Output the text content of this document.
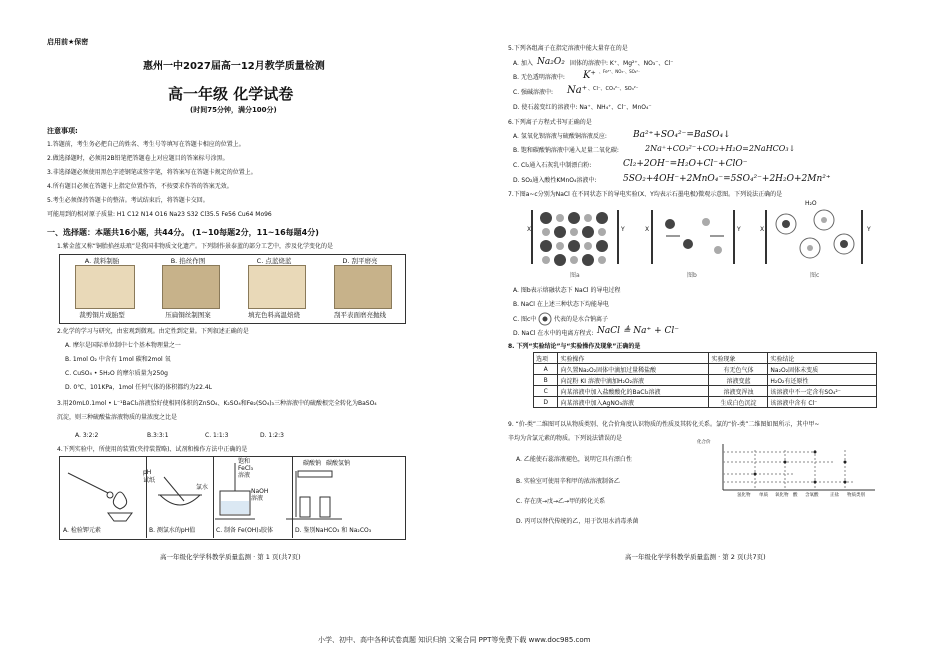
启用前★保密
惠州一中2027届高一12月教学质量检测
高一年级 化学试卷
(时间75分钟，满分100分)
注意事项:
1.答题前，考生务必把自己的姓名、考生号等填写在答题卡相应的位置上。
2.做选择题时，必须用2B铅笔把答题卷上对应题目的答案标号涂黑。
3.非选择题必须使用黑色字迹钢笔或签字笔，将答案写在答题卡规定的位置上。
4.所有题目必须在答题卡上指定位置作答，不按要求作答的答案无效。
5.考生必须保持答题卡的整洁。考试结束后，将答题卡交回。
可能用到的相对原子质量: H1 C12 N14 O16 Na23 S32 Cl35.5 Fe56 Cu64 Mo96
一、选择题：本题共16小题，共44分。 (1~10每题2分，11~16每题4分)
1.紫金蓝又称“铜胎掐丝珐琅”是我国非物质文化遗产。下列制作景泰蓝的部分工艺中，涉及化学变化的是
A. 裁料制胎	B. 掐丝作图	C. 点蓝烧蓝	D. 刮平磨亮
裁剪铜片成胎型	压扁铜丝制图案	填充色料高温焙烧	刮平表面磨亮抛线
2.化学的学习与研究，由宏观到微观。由定性到定量。下列叙述正确的是
A. 摩尔是国际单位制中七个基本物理量之一
B. 1mol O₂ 中含有 1mol 碳和2mol 氧
C. CuSO₄ • 5H₂O 的摩尔质量为250g
D. 0℃、101KPa，1mol 任何气体的体积都约为22.4L
3.用20mL0.1mol • L⁻¹BaCl₂溶液恰好使相同体积的ZnSO₄、K₂SO₄和Fe₂(SO₄)₃三种溶液中的硫酸根完全转化为BaSO₄
沉淀，则三种硫酸盐溶液物质的量浓度之比是
A. 3:2:2	B.3:3:1	C. 1:1:3	D. 1:2:3
4.下列实验中，所使用的装置(夹持装置略)、试剂和操作方法中正确的是
pH
试纸
氯水
饱和
FeCl₃
溶液
NaOH
溶液
碳酸钠 碳酸氢钠
A. 检验钾元素	B. 测氯水的pH值	C. 制备 Fe(OH)₃胶体	D. 鉴别NaHCO₃ 和 Na₂CO₃
高一年级化学学科教学质量监测 · 第 1 页(共7页)
5.下列各组离子在指定溶液中能大量存在的是
A. 加入 Na₂O₂ 固体的溶液中: K⁺、Mg²⁺、NO₃⁻、Cl⁻
B. 无色透明溶液中: K⁺ 、Fe³⁺、NO₃⁻、SO₄²⁻
C. 强碱溶液中: Na⁺ 、Cl⁻、CO₃²⁻、SO₄²⁻
D. 使石蕊变红的溶液中: Na⁺、NH₄⁺、Cl⁻、MnO₄⁻
6.下列离子方程式书写正确的是
A. 氢氧化钡溶液与硫酸铜溶液反应:	Ba²⁺+SO₄²⁻=BaSO₄↓
B. 饱和碳酸钠溶液中通入足量二氧化碳:	2Na⁺+CO₃²⁻+CO₂+H₂O=2NaHCO₃↓
C. Cl₂通入石灰乳中制漂白粉:	Cl₂+2OH⁻=H₂O+Cl⁻+ClO⁻
D. SO₂通入酸性KMnO₄溶液中:	5SO₂+4OH⁻+2MnO₄⁻=5SO₄²⁻+2H₂O+2Mn²⁺
7.下图a~c分别为NaCl 在不同状态下的导电实验(X、Y均表示石墨电极)微观示意图。下列说法正确的是
X	Y	X	Y	X	Y
H₂O
图a	图b	图c
A. 图b表示熔融状态下 NaCl 的导电过程
B. NaCl 在上述三种状态下均能导电
C. 图c中	代表的是水合钠离子
D. NaCl 在水中的电离方程式: NaCl ≜ Na⁺ + Cl⁻
8. 下列“实验结论”与“实验操作及现象”正确的是
选项	实验操作	实验现象	实验结论
A	向久置Na₂O₂固体中滴加过量稀盐酸	有无色气体	Na₂O₂固体未变质
B	向淀粉 KI 溶液中滴加H₂O₂溶液	溶液变蓝	H₂O₂有还原性
C	向某溶液中加入盐酸酸化的BaCl₂溶液	溶液变浑浊	该溶液中不一定含有SO₄²⁻
D	向某溶液中加入AgNO₃溶液	生成白色沉淀	该溶液中含有 Cl⁻
9. “价-类”二维图可以从物质类别、化合价角度认识物质的性质及其转化关系。氯的“价-类”二维图如图所示，其中甲~
辛均为含氯元素的物质。下列说法错误的是
A. 乙能使石蕊溶液褪色，说明它具有漂白性
B. 实验室可使用辛和甲的浓溶液制备乙
C. 存在庚→戊→乙→甲的转化关系
D. 丙可以替代传统的乙，用于饮用水消毒杀菌
化合价
氢化物 单质 氧化物 酸 含氧酸	正盐 物质类别
高一年级化学学科教学质量监测 · 第 2 页(共7页)
小学、初中、高中各种试卷真题 知识归纳 文案合同 PPT等免费下载 www.doc985.com
